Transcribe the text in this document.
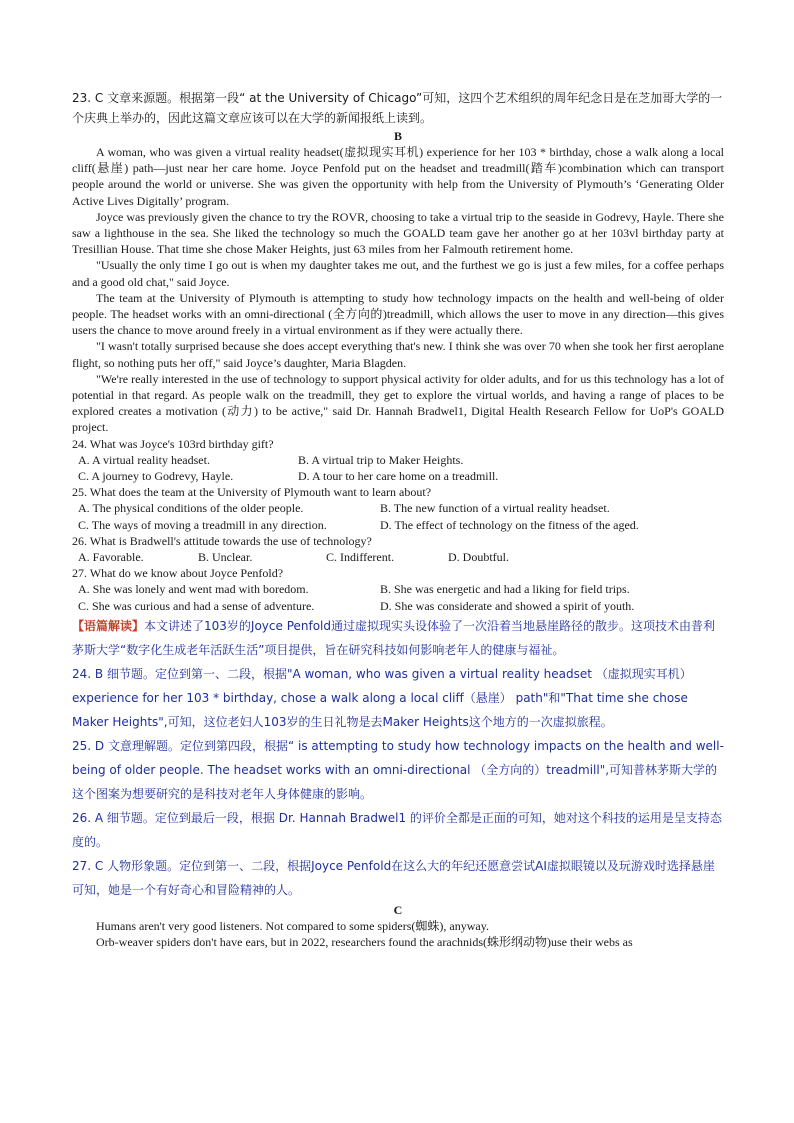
23. C 文章来源题。根据第一段“ at the University of Chicago”可知，这四个艺术组织的周年纪念日是在芝加哥大学的一个庆典上举办的，因此这篇文章应该可以在大学的新闻报纸上读到。

B

A woman, who was given a virtual reality headset(虚拟现实耳机) experience for her 103 * birthday, chose a walk along a local cliff(悬崖) path—just near her care home. Joyce Penfold put on the headset and treadmill(踏车)combination which can transport people around the world or universe. She was given the opportunity with help from the University of Plymouth’s ‘Generating Older Active Lives Digitally’ program.

Joyce was previously given the chance to try the ROVR, choosing to take a virtual trip to the seaside in Godrevy, Hayle. There she saw a lighthouse in the sea. She liked the technology so much the GOALD team gave her another go at her 103vl birthday party at Tresillian House. That time she chose Maker Heights, just 63 miles from her Falmouth retirement home.

"Usually the only time I go out is when my daughter takes me out, and the furthest we go is just a few miles, for a coffee perhaps and a good old chat," said Joyce.

The team at the University of Plymouth is attempting to study how technology impacts on the health and well-being of older people. The headset works with an omni-directional (全方向的)treadmill, which allows the user to move in any direction—this gives users the chance to move around freely in a virtual environment as if they were actually there.

"I wasn't totally surprised because she does accept everything that's new. I think she was over 70 when she took her first aeroplane flight, so nothing puts her off," said Joyce’s daughter, Maria Blagden.

"We're really interested in the use of technology to support physical activity for older adults, and for us this technology has a lot of potential in that regard. As people walk on the treadmill, they get to explore the virtual worlds, and having a range of places to be explored creates a motivation (动力) to be active," said Dr. Hannah Bradwel1, Digital Health Research Fellow for UoP's GOALD project.

24. What was Joyce's 103rd birthday gift?

A. A virtual reality headset.	B. A virtual trip to Maker Heights.
C. A journey to Godrevy, Hayle.	D. A tour to her care home on a treadmill.

25. What does the team at the University of Plymouth want to learn about?

A. The physical conditions of the older people.	B. The new function of a virtual reality headset.
C. The ways of moving a treadmill in any direction.	D. The effect of technology on the fitness of the aged.

26. What is Bradwell's attitude towards the use of technology?

A. Favorable.	B. Unclear.	C. Indifferent.	D. Doubtful.

27. What do we know about Joyce Penfold?

A. She was lonely and went mad with boredom.	B. She was energetic and had a liking for field trips.
C. She was curious and had a sense of adventure.	D. She was considerate and showed a spirit of youth.

【语篇解读】本文讲述了103岁的Joyce Penfold通过虚拟现实头设体验了一次沿着当地悬崖路径的散步。这项技术由普利茅斯大学“数字化生成老年活跃生活”项目提供，旨在研究科技如何影响老年人的健康与福祉。

24. B 细节题。定位到第一、二段，根据"A woman, who was given a virtual reality headset （虚拟现实耳机）experience for her 103 * birthday, chose a walk along a local cliff（悬崖） path"和"That time she chose Maker Heights",可知，这位老妇人103岁的生日礼物是去Maker Heights这个地方的一次虚拟旅程。

25. D 文意理解题。定位到第四段，根据“ is attempting to study how technology impacts on the health and well-being of older people. The headset works with an omni-directional （全方向的）treadmill",可知普林茅斯大学的这个图案为想要研究的是科技对老年人身体健康的影响。

26. A 细节题。定位到最后一段，根据 Dr. Hannah Bradwel1 的评价全都是正面的可知，她对这个科技的运用是呈支持态度的。

27. C 人物形象题。定位到第一、二段，根据Joyce Penfold在这么大的年纪还愿意尝试AI虚拟眼镜以及玩游戏时选择悬崖可知，她是一个有好奇心和冒险精神的人。

C

Humans aren't very good listeners. Not compared to some spiders(蜘蛛), anyway.

Orb-weaver spiders don't have ears, but in 2022, researchers found the arachnids(蛛形纲动物)use their webs as
